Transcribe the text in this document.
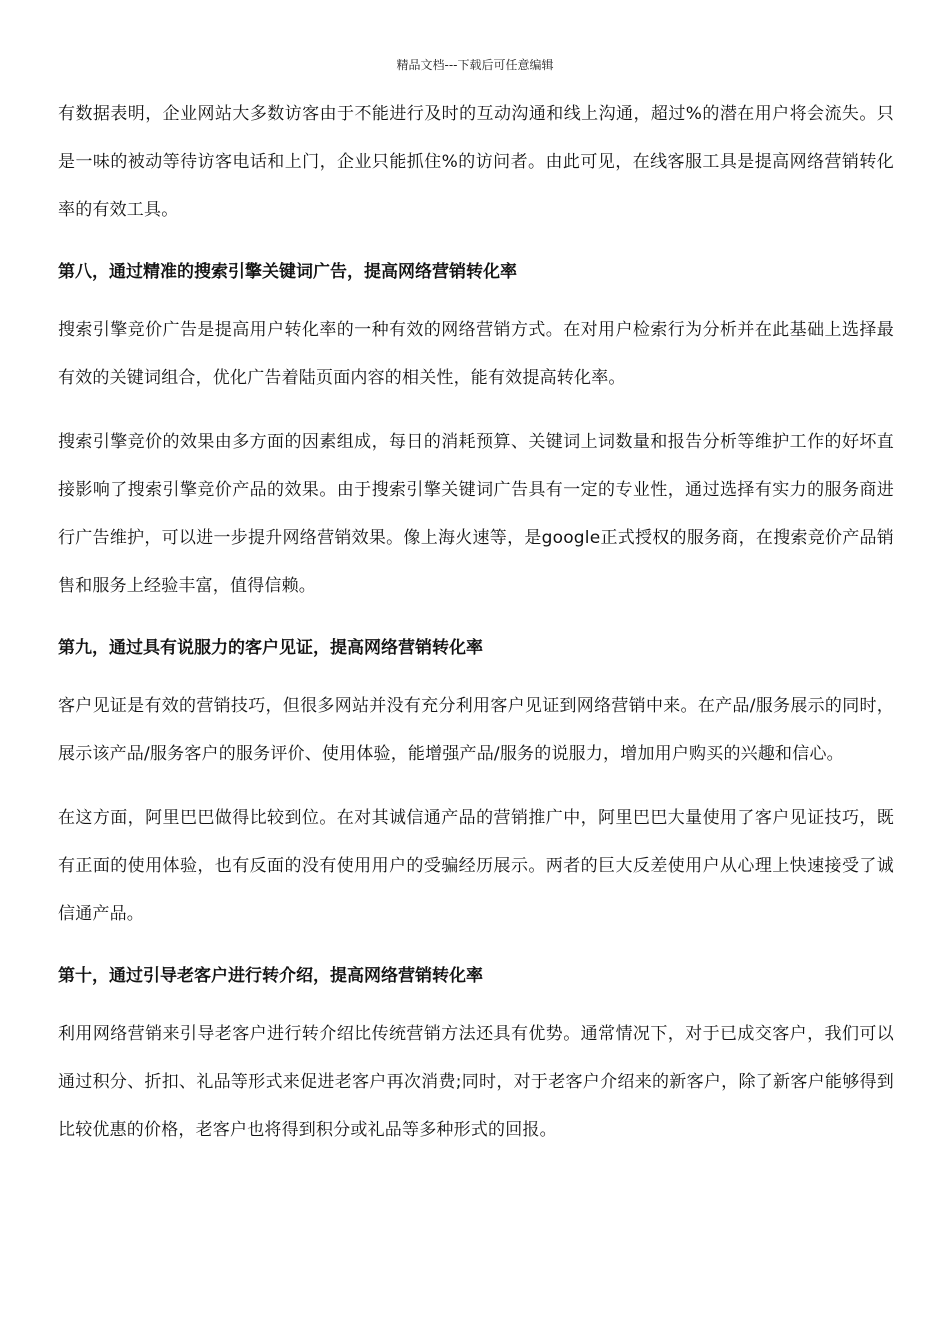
精品文档---下载后可任意编辑

有数据表明，企业网站大多数访客由于不能进行及时的互动沟通和线上沟通，超过%的潜在用户将会流失。只是一味的被动等待访客电话和上门，企业只能抓住%的访问者。由此可见，在线客服工具是提高网络营销转化率的有效工具。

第八，通过精准的搜索引擎关键词广告，提高网络营销转化率

搜索引擎竞价广告是提高用户转化率的一种有效的网络营销方式。在对用户检索行为分析并在此基础上选择最有效的关键词组合，优化广告着陆页面内容的相关性，能有效提高转化率。

搜索引擎竞价的效果由多方面的因素组成，每日的消耗预算、关键词上词数量和报告分析等维护工作的好坏直接影响了搜索引擎竞价产品的效果。由于搜索引擎关键词广告具有一定的专业性，通过选择有实力的服务商进行广告维护，可以进一步提升网络营销效果。像上海火速等，是google正式授权的服务商，在搜索竞价产品销售和服务上经验丰富，值得信赖。

第九，通过具有说服力的客户见证，提高网络营销转化率

客户见证是有效的营销技巧，但很多网站并没有充分利用客户见证到网络营销中来。在产品/服务展示的同时，展示该产品/服务客户的服务评价、使用体验，能增强产品/服务的说服力，增加用户购买的兴趣和信心。

在这方面，阿里巴巴做得比较到位。在对其诚信通产品的营销推广中，阿里巴巴大量使用了客户见证技巧，既有正面的使用体验，也有反面的没有使用用户的受骗经历展示。两者的巨大反差使用户从心理上快速接受了诚信通产品。

第十，通过引导老客户进行转介绍，提高网络营销转化率

利用网络营销来引导老客户进行转介绍比传统营销方法还具有优势。通常情况下，对于已成交客户，我们可以通过积分、折扣、礼品等形式来促进老客户再次消费;同时，对于老客户介绍来的新客户，除了新客户能够得到比较优惠的价格，老客户也将得到积分或礼品等多种形式的回报。
